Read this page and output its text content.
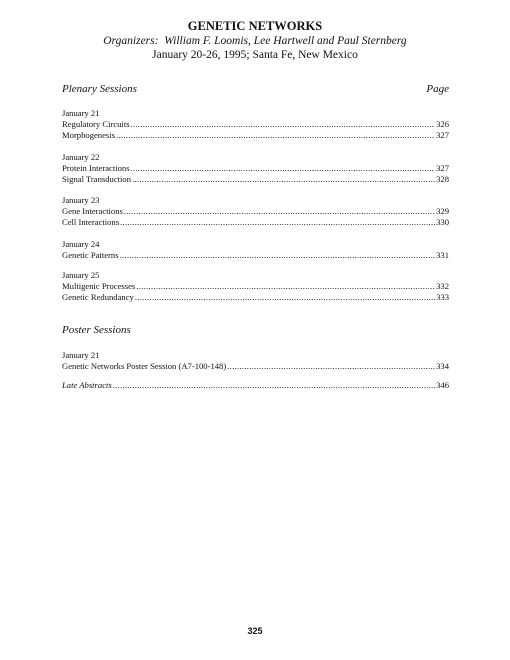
GENETIC NETWORKS
Organizers: William F. Loomis, Lee Hartwell and Paul Sternberg
January 20-26, 1995; Santa Fe, New Mexico
Plenary Sessions	Page
January 21
Regulatory Circuits .....	326
Morphogenesis .....	327
January 22
Protein Interactions .....	327
Signal Transduction .....	328
January 23
Gene Interactions .....	329
Cell Interactions .....	330
January 24
Genetic Patterns .....	331
January 25
Multigenic Processes .....	332
Genetic Redundancy .....	333
Poster Sessions
January 21
Genetic Networks Poster Session (A7-100-148) .....	334
Late Abstracts .....	346
325
